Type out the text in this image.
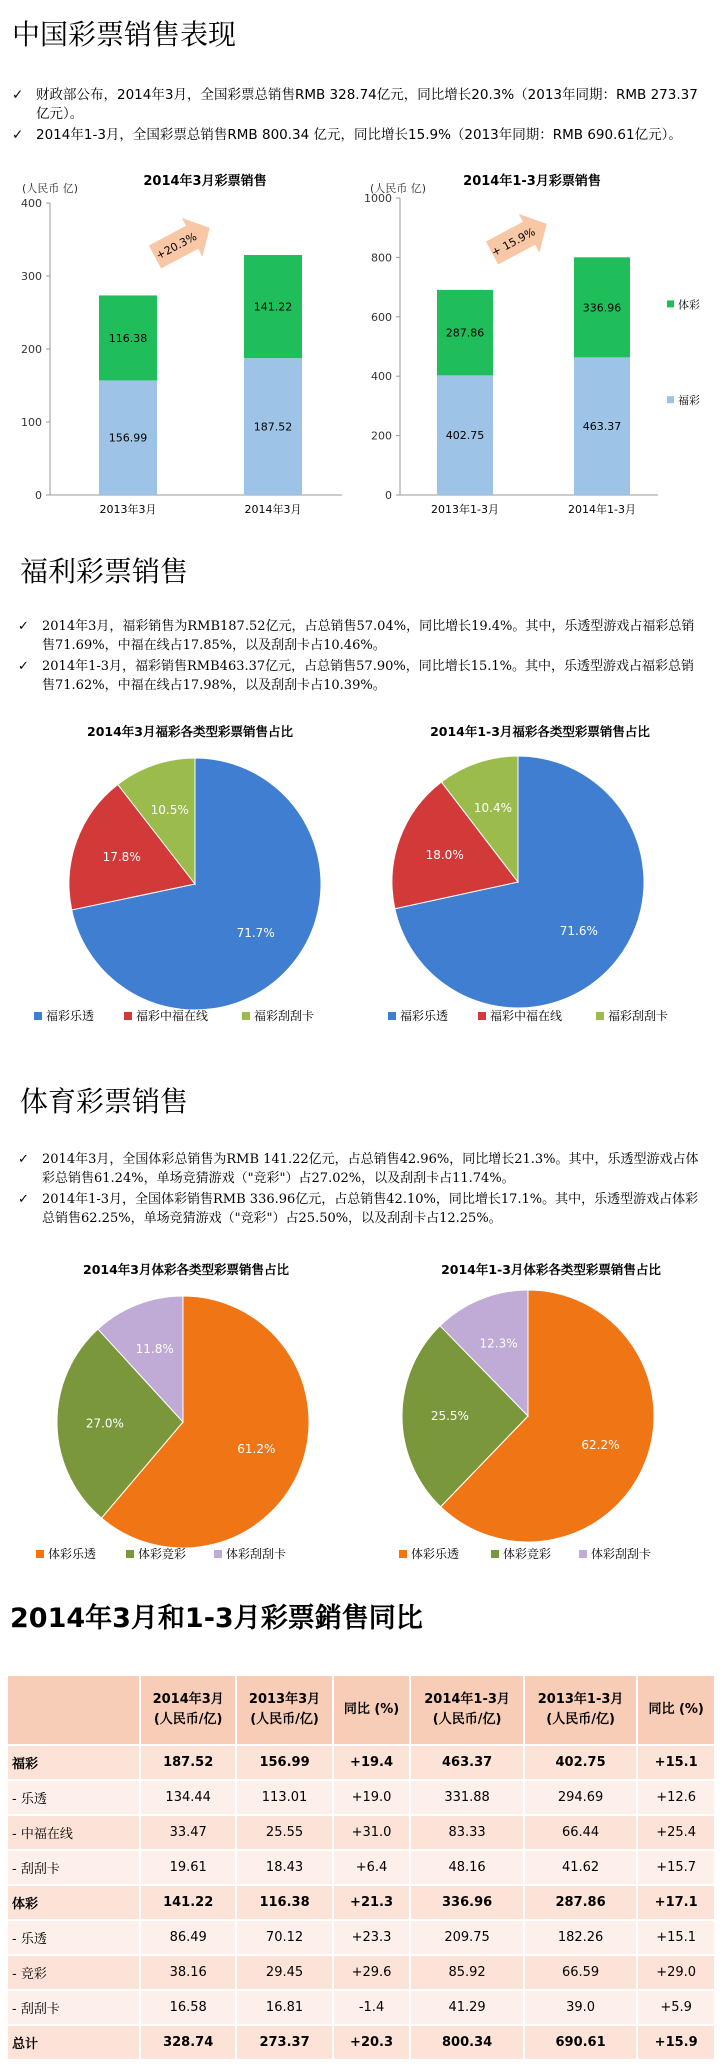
中国彩票销售表现
✓ 财政部公布，2014年3月，全国彩票总销售RMB 328.74亿元，同比增长20.3%（2013年同期：RMB 273.37亿元）。
✓ 2014年1-3月，全国彩票总销售RMB 800.34 亿元，同比增长15.9%（2013年同期：RMB 690.61亿元）。
2014年3月彩票销售
(人民币 亿)
0
100
200
300
400
156.99
116.38
2013年3月
187.52
141.22
2014年3月
+20.3%
2014年1-3月彩票销售
(人民币 亿)
0
200
400
600
800
1000
402.75
287.86
2013年1-3月
463.37
336.96
2014年1-3月
+ 15.9%
体彩
福彩
福利彩票销售
✓ 2014年3月，福彩销售为RMB187.52亿元，占总销售57.04%，同比增长19.4%。其中，乐透型游戏占福彩总销售71.69%，中福在线占17.85%，以及刮刮卡占10.46%。
✓ 2014年1-3月，福彩销售RMB463.37亿元，占总销售57.90%，同比增长15.1%。其中，乐透型游戏占福彩总销售71.62%，中福在线占17.98%，以及刮刮卡占10.39%。
2014年3月福彩各类型彩票销售占比
71.7%
17.8%
10.5%
福彩乐透	福彩中福在线	福彩刮刮卡
2014年1-3月福彩各类型彩票销售占比
71.6%
18.0%
10.4%
福彩乐透	福彩中福在线	福彩刮刮卡
体育彩票销售
✓ 2014年3月，全国体彩总销售为RMB 141.22亿元，占总销售42.96%，同比增长21.3%。其中，乐透型游戏占体彩总销售61.24%，单场竞猜游戏（"竞彩"）占27.02%，以及刮刮卡占11.74%。
✓ 2014年1-3月，全国体彩销售RMB 336.96亿元，占总销售42.10%，同比增长17.1%。其中，乐透型游戏占体彩总销售62.25%，单场竞猜游戏（"竞彩"）占25.50%，以及刮刮卡占12.25%。
2014年3月体彩各类型彩票销售占比
61.2%
27.0%
11.8%
体彩乐透	体彩竞彩	体彩刮刮卡
2014年1-3月体彩各类型彩票销售占比
62.2%
25.5%
12.3%
体彩乐透	体彩竞彩	体彩刮刮卡
2014年3月和1-3月彩票銷售同比
	2014年3月
(人民币/亿)	2013年3月
(人民币/亿)	同比 (%)	2014年1-3月
(人民币/亿)	2013年1-3月
(人民币/亿)	同比 (%)
福彩	187.52	156.99	+19.4	463.37	402.75	+15.1
- 乐透	134.44	113.01	+19.0	331.88	294.69	+12.6
- 中福在线	33.47	25.55	+31.0	83.33	66.44	+25.4
- 刮刮卡	19.61	18.43	+6.4	48.16	41.62	+15.7
体彩	141.22	116.38	+21.3	336.96	287.86	+17.1
- 乐透	86.49	70.12	+23.3	209.75	182.26	+15.1
- 竞彩	38.16	29.45	+29.6	85.92	66.59	+29.0
- 刮刮卡	16.58	16.81	-1.4	41.29	39.0	+5.9
总计	328.74	273.37	+20.3	800.34	690.61	+15.9
